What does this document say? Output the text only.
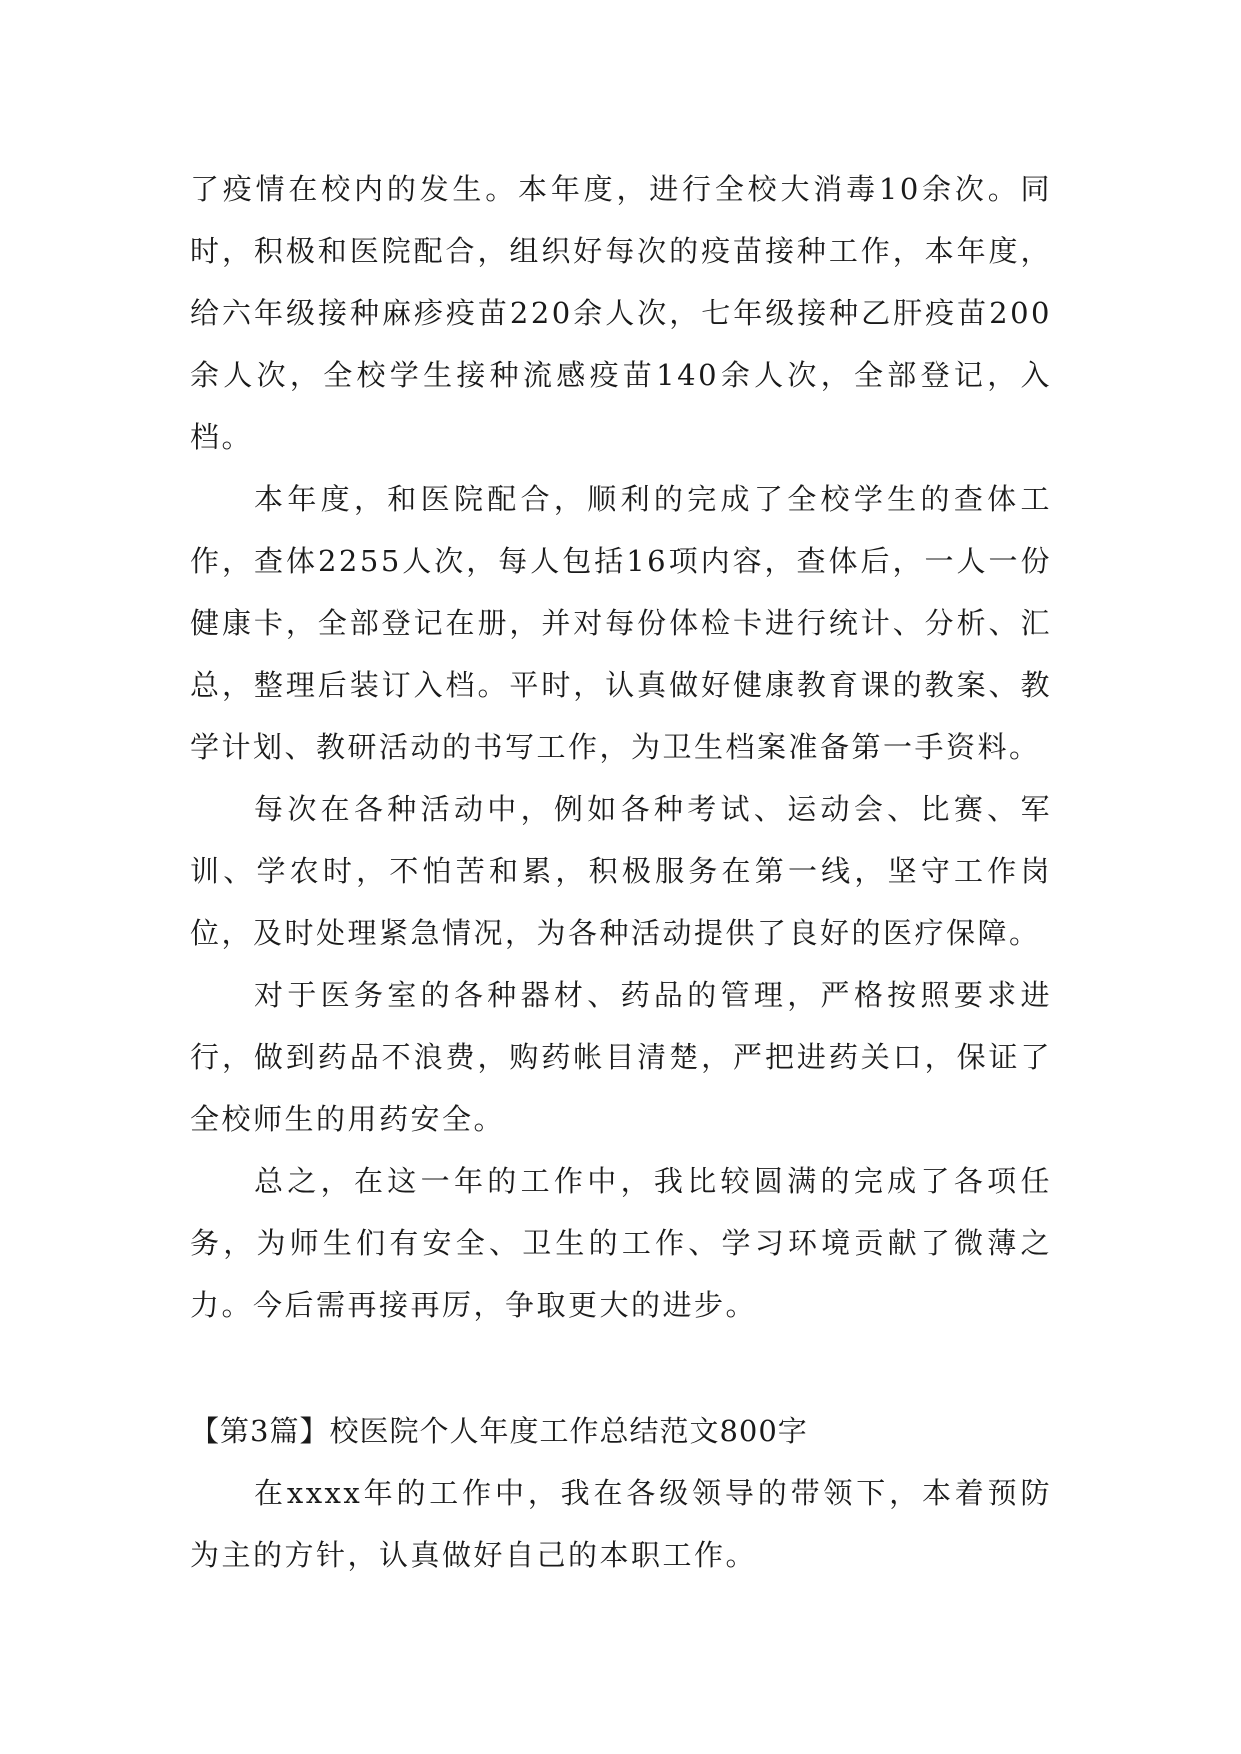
了疫情在校内的发生。本年度，进行全校大消毒10余次。同时，积极和医院配合，组织好每次的疫苗接种工作，本年度，给六年级接种麻疹疫苗220余人次，七年级接种乙肝疫苗200余人次，全校学生接种流感疫苗140余人次，全部登记，入档。

本年度，和医院配合，顺利的完成了全校学生的查体工作，查体2255人次，每人包括16项内容，查体后，一人一份健康卡，全部登记在册，并对每份体检卡进行统计、分析、汇总，整理后装订入档。平时，认真做好健康教育课的教案、教学计划、教研活动的书写工作，为卫生档案准备第一手资料。

每次在各种活动中，例如各种考试、运动会、比赛、军训、学农时，不怕苦和累，积极服务在第一线，坚守工作岗位，及时处理紧急情况，为各种活动提供了良好的医疗保障。

对于医务室的各种器材、药品的管理，严格按照要求进行，做到药品不浪费，购药帐目清楚，严把进药关口，保证了全校师生的用药安全。

总之，在这一年的工作中，我比较圆满的完成了各项任务，为师生们有安全、卫生的工作、学习环境贡献了微薄之力。今后需再接再厉，争取更大的进步。

【第3篇】校医院个人年度工作总结范文800字

在xxxx年的工作中，我在各级领导的带领下，本着预防为主的方针，认真做好自己的本职工作。
